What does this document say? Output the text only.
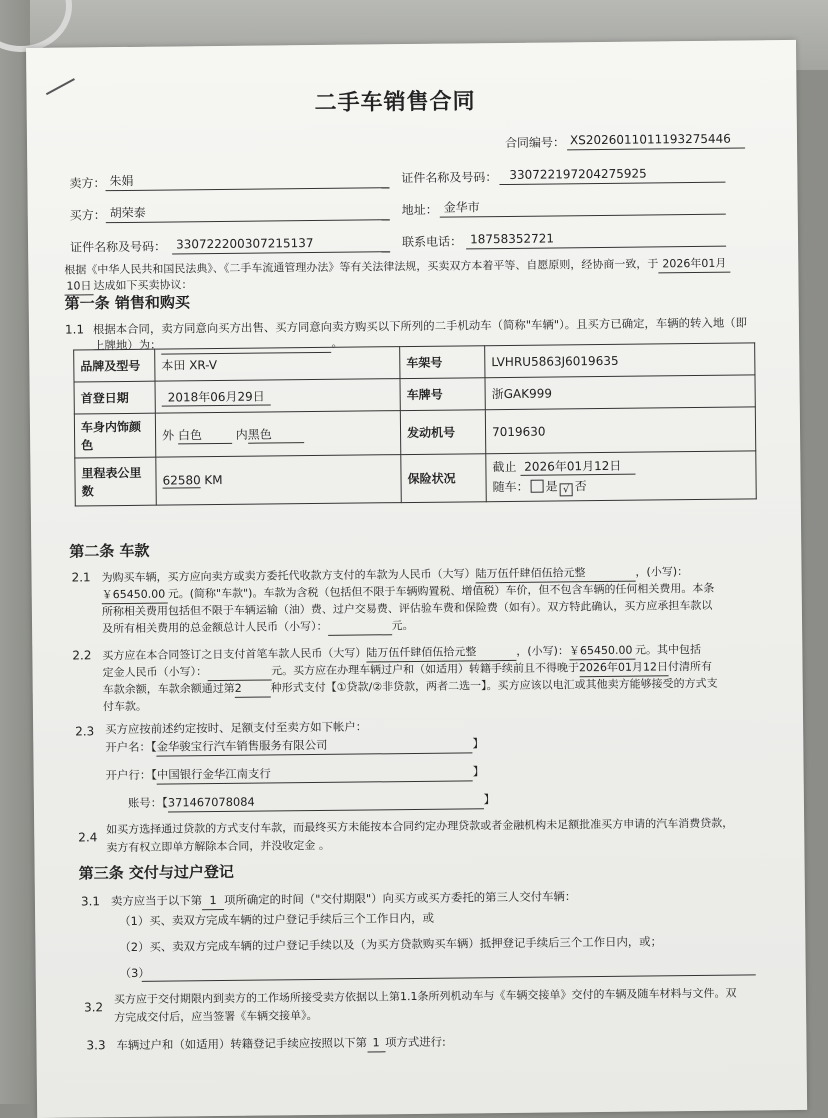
二手车销售合同
合同编号： XS2026011011193275446
卖方： 朱娟	证件名称及号码： 330722197204275925
买方： 胡荣泰	地址： 金华市
证件名称及号码： 330722200307215137	联系电话： 18758352721
根据《中华人民共和国民法典》、《二手车流通管理办法》等有关法律法规，买卖双方本着平等、自愿原则，经协商一致，于 2026年01月
10日 达成如下买卖协议：
第一条 销售和购买
1.1 根据本合同，卖方同意向买方出售、买方同意向卖方购买以下所列的二手机动车（简称"车辆"）。且买方已确定，车辆的转入地（即
上牌地）为：	。
品牌及型号	本田 XR-V	车架号	LVHRU5863J6019635
首登日期	2018年06月29日	车牌号	浙GAK999
车身内饰颜色	外 白色 内黑色	发动机号	7019630
里程表公里数	62580 KM	保险状况	截止 2026年01月12日
随车： 是 √ 否
第二条 车款
2.1 为购买车辆，买方应向卖方或卖方委托代收款方支付的车款为人民币（大写）陆万伍仟肆佰伍拾元整	，(小写)：
￥65450.00 元。(简称"车款")。车款为含税（包括但不限于车辆购置税、增值税）车价，但不包含车辆的任何相关费用。本条
所称相关费用包括但不限于车辆运输（油）费、过户交易费、评估验车费和保险费（如有）。双方特此确认，买方应承担车款以
及所有相关费用的总金额总计人民币（小写）：	元。
2.2 买方应在本合同签订之日支付首笔车款人民币（大写）陆万伍仟肆佰伍拾元整	，(小写)：￥65450.00 元。其中包括
定金人民币（小写）：	元。买方应在办理车辆过户和（如适用）转籍手续前且不得晚于2026年01月12日付清所有
车款余额，车款余额通过第2	种形式支付【①贷款/②非贷款，两者二选一】。买方应该以电汇或其他卖方能够接受的方式支
付车款。
2.3 买方应按前述约定按时、足额支付至卖方如下帐户：
开户名：【金华骏宝行汽车销售服务有限公司	】
开户行：【中国银行金华江南支行	】
账号：【371467078084	】
2.4
如买方选择通过贷款的方式支付车款，而最终买方未能按本合同约定办理贷款或者金融机构未足额批准买方申请的汽车消费贷款，
卖方有权立即单方解除本合同，并没收定金 。
第三条 交付与过户登记
3.1 卖方应当于以下第 1 项所确定的时间（"交付期限"）向买方或买方委托的第三人交付车辆：
（1）买、卖双方完成车辆的过户登记手续后三个工作日内，或
（2）买、卖双方完成车辆的过户登记手续以及（为买方贷款购买车辆）抵押登记手续后三个工作日内，或；
（3）
3.2
买方应于交付期限内到卖方的工作场所接受卖方依据以上第1.1条所列机动车与《车辆交接单》交付的车辆及随车材料与文件。双
方完成交付后，应当签署《车辆交接单》。
3.3 车辆过户和（如适用）转籍登记手续应按照以下第 1 项方式进行:
